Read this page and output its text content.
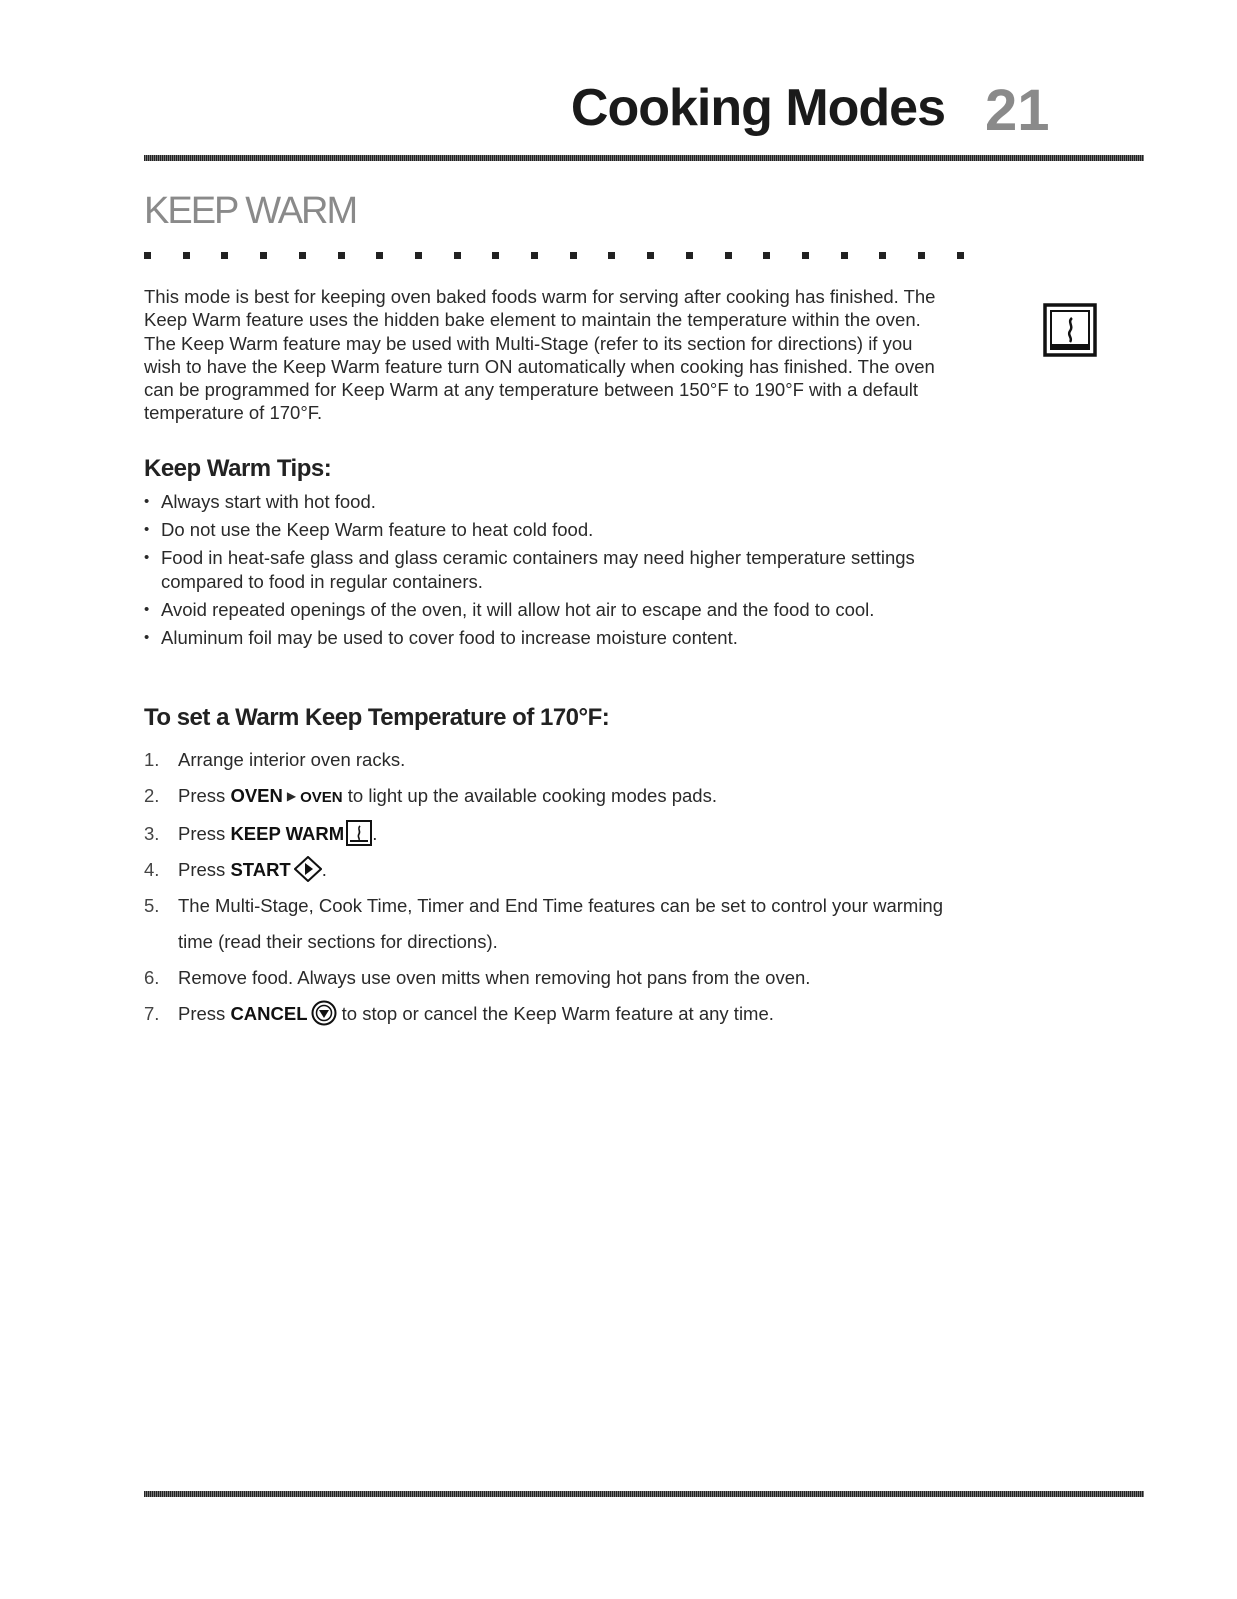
Cooking Modes 21
KEEP WARM

This mode is best for keeping oven baked foods warm for serving after cooking has finished. The Keep Warm feature uses the hidden bake element to maintain the temperature within the oven. The Keep Warm feature may be used with Multi-Stage (refer to its section for directions) if you wish to have the Keep Warm feature turn ON automatically when cooking has finished. The oven can be programmed for Keep Warm at any temperature between 150°F to 190°F with a default temperature of 170°F.

Keep Warm Tips:
• Always start with hot food.
• Do not use the Keep Warm feature to heat cold food.
• Food in heat-safe glass and glass ceramic containers may need higher temperature settings compared to food in regular containers.
• Avoid repeated openings of the oven, it will allow hot air to escape and the food to cool.
• Aluminum foil may be used to cover food to increase moisture content.
To set a Warm Keep Temperature of 170°F:
1. Arrange interior oven racks.
2. Press OVEN ▶ OVEN to light up the available cooking modes pads.
3. Press KEEP WARM .
4. Press START .
5. The Multi-Stage, Cook Time, Timer and End Time features can be set to control your warming time (read their sections for directions).
6. Remove food. Always use oven mitts when removing hot pans from the oven.
7. Press CANCEL to stop or cancel the Keep Warm feature at any time.
